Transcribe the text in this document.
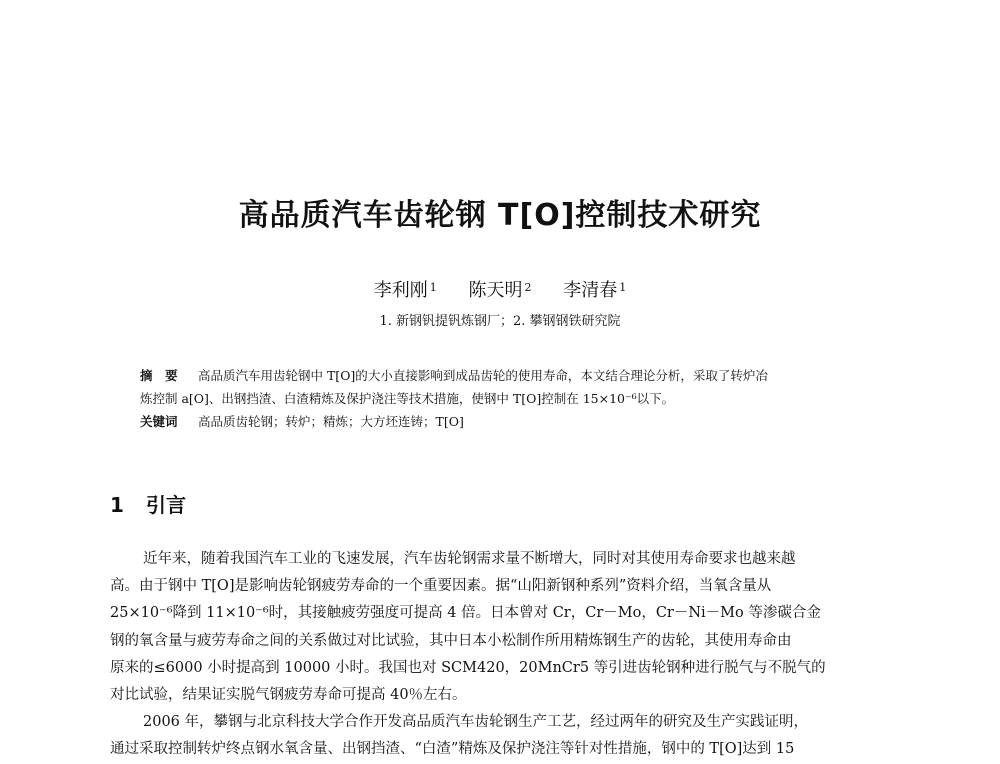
高品质汽车齿轮钢 T[O]控制技术研究
李利刚 $^1$ 陈天明 $^2$ 李清春 $^1$
1. 新钢钒提钒炼钢厂；2. 攀钢钢铁研究院
摘　要 高品质汽车用齿轮钢中 T[O]的大小直接影响到成品齿轮的使用寿命，本文结合理论分析，采取了转炉冶
炼控制 a[O]、出钢挡渣、白渣精炼及保护浇注等技术措施，使钢中 T[O]控制在 15×10⁻⁶以下。
关键词 高品质齿轮钢；转炉；精炼；大方坯连铸；T[O]
1 引言
近年来，随着我国汽车工业的飞速发展，汽车齿轮钢需求量不断增大，同时对其使用寿命要求也越来越
高。由于钢中 T[O]是影响齿轮钢疲劳寿命的一个重要因素。据“山阳新钢种系列”资料介绍，当氧含量从
25×10⁻⁶降到 11×10⁻⁶时，其接触疲劳强度可提高 4 倍。日本曾对 Cr，Cr－Mo，Cr－Ni－Mo 等渗碳合金
钢的氧含量与疲劳寿命之间的关系做过对比试验，其中日本小松制作所用精炼钢生产的齿轮，其使用寿命由
原来的≤6000 小时提高到 10000 小时。我国也对 SCM420，20MnCr5 等引进齿轮钢种进行脱气与不脱气的
对比试验，结果证实脱气钢疲劳寿命可提高 40％左右。
2006 年，攀钢与北京科技大学合作开发高品质汽车齿轮钢生产工艺，经过两年的研究及生产实践证明，
通过采取控制转炉终点钢水氧含量、出钢挡渣、“白渣”精炼及保护浇注等针对性措施，钢中的 T[O]达到 15
